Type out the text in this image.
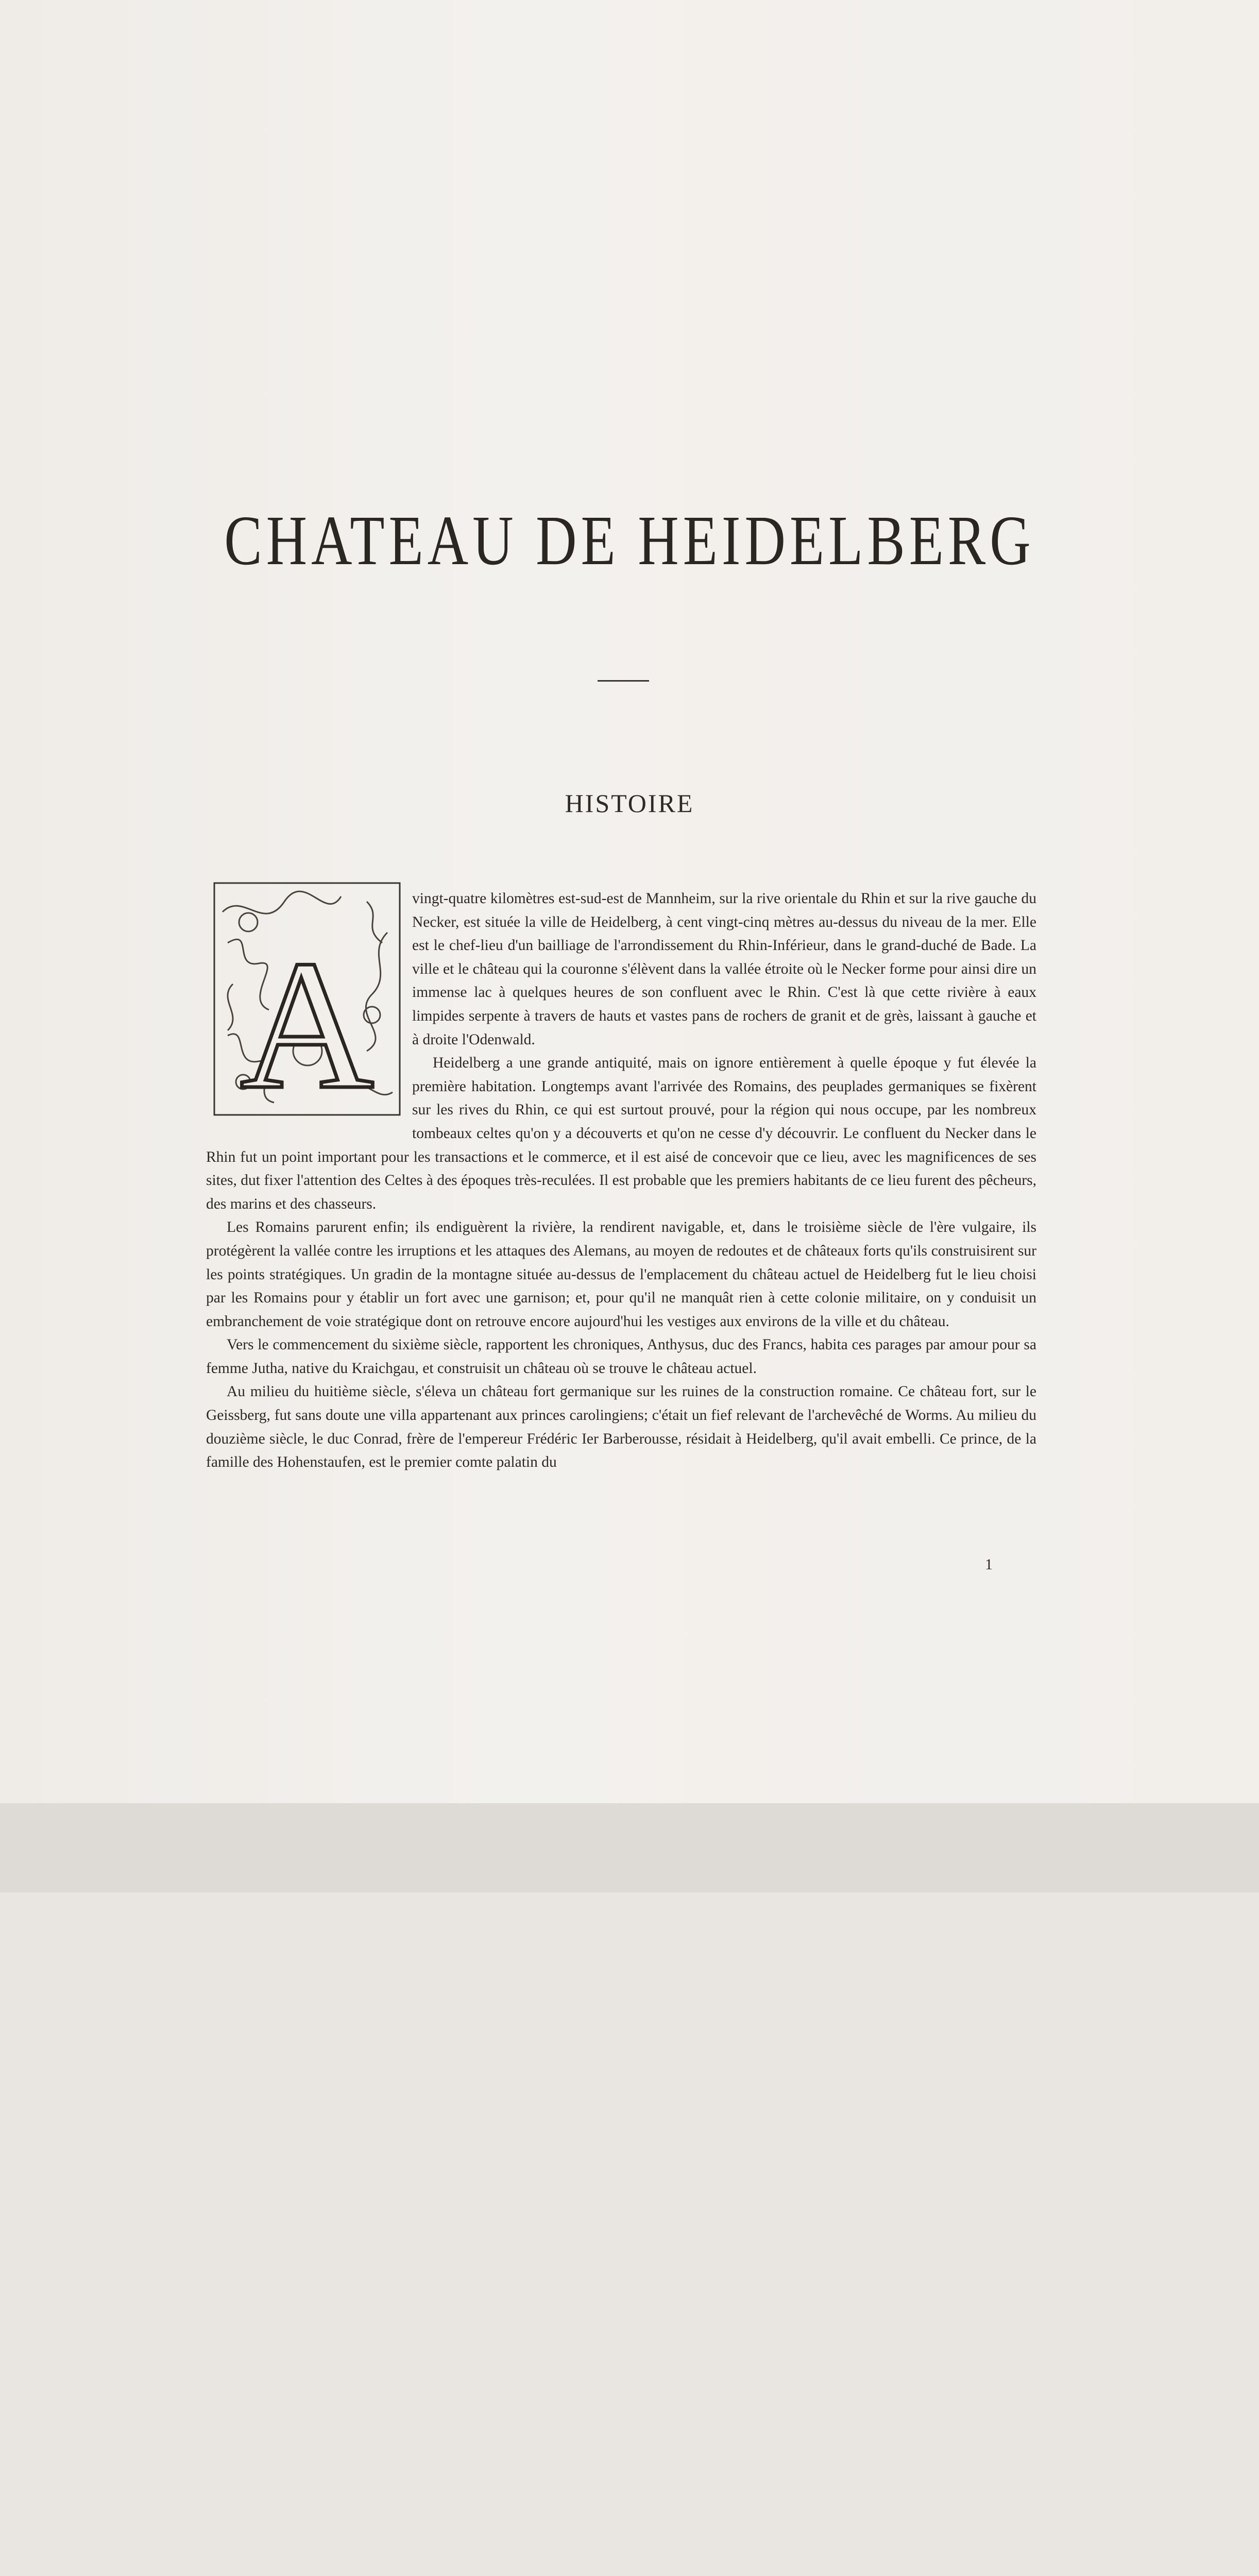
CHATEAU DE HEIDELBERG
HISTOIRE
A

vingt-quatre kilomètres est-sud-est de Mannheim, sur la rive orientale du Rhin et sur la rive gauche du Necker, est située la ville de Heidelberg, à cent vingt-cinq mètres au-dessus du niveau de la mer. Elle est le chef-lieu d'un bailliage de l'arrondissement du Rhin-Inférieur, dans le grand-duché de Bade. La ville et le château qui la couronne s'élèvent dans la vallée étroite où le Necker forme pour ainsi dire un immense lac à quelques heures de son confluent avec le Rhin. C'est là que cette rivière à eaux limpides serpente à travers de hauts et vastes pans de rochers de granit et de grès, laissant à gauche et à droite l'Odenwald.

Heidelberg a une grande antiquité, mais on ignore entièrement à quelle époque y fut élevée la première habitation. Longtemps avant l'arrivée des Romains, des peuplades germaniques se fixèrent sur les rives du Rhin, ce qui est surtout prouvé, pour la région qui nous occupe, par les nombreux tombeaux celtes qu'on y a découverts et qu'on ne cesse d'y découvrir. Le confluent du Necker dans le Rhin fut un point important pour les transactions et le commerce, et il est aisé de concevoir que ce lieu, avec les magnificences de ses sites, dut fixer l'attention des Celtes à des époques très-reculées. Il est probable que les premiers habitants de ce lieu furent des pêcheurs, des marins et des chasseurs.

Les Romains parurent enfin; ils endiguèrent la rivière, la rendirent navigable, et, dans le troisième siècle de l'ère vulgaire, ils protégèrent la vallée contre les irruptions et les attaques des Alemans, au moyen de redoutes et de châteaux forts qu'ils construisirent sur les points stratégiques. Un gradin de la montagne située au-dessus de l'emplacement du château actuel de Heidelberg fut le lieu choisi par les Romains pour y établir un fort avec une garnison; et, pour qu'il ne manquât rien à cette colonie militaire, on y conduisit un embranchement de voie stratégique dont on retrouve encore aujourd'hui les vestiges aux environs de la ville et du château.

Vers le commencement du sixième siècle, rapportent les chroniques, Anthysus, duc des Francs, habita ces parages par amour pour sa femme Jutha, native du Kraichgau, et construisit un château où se trouve le château actuel.

Au milieu du huitième siècle, s'éleva un château fort germanique sur les ruines de la construction romaine. Ce château fort, sur le Geissberg, fut sans doute une villa appartenant aux princes carolingiens; c'était un fief relevant de l'archevêché de Worms. Au milieu du douzième siècle, le duc Conrad, frère de l'empereur Frédéric Ier Barberousse, résidait à Heidelberg, qu'il avait embelli. Ce prince, de la famille des Hohenstaufen, est le premier comte palatin du

1
